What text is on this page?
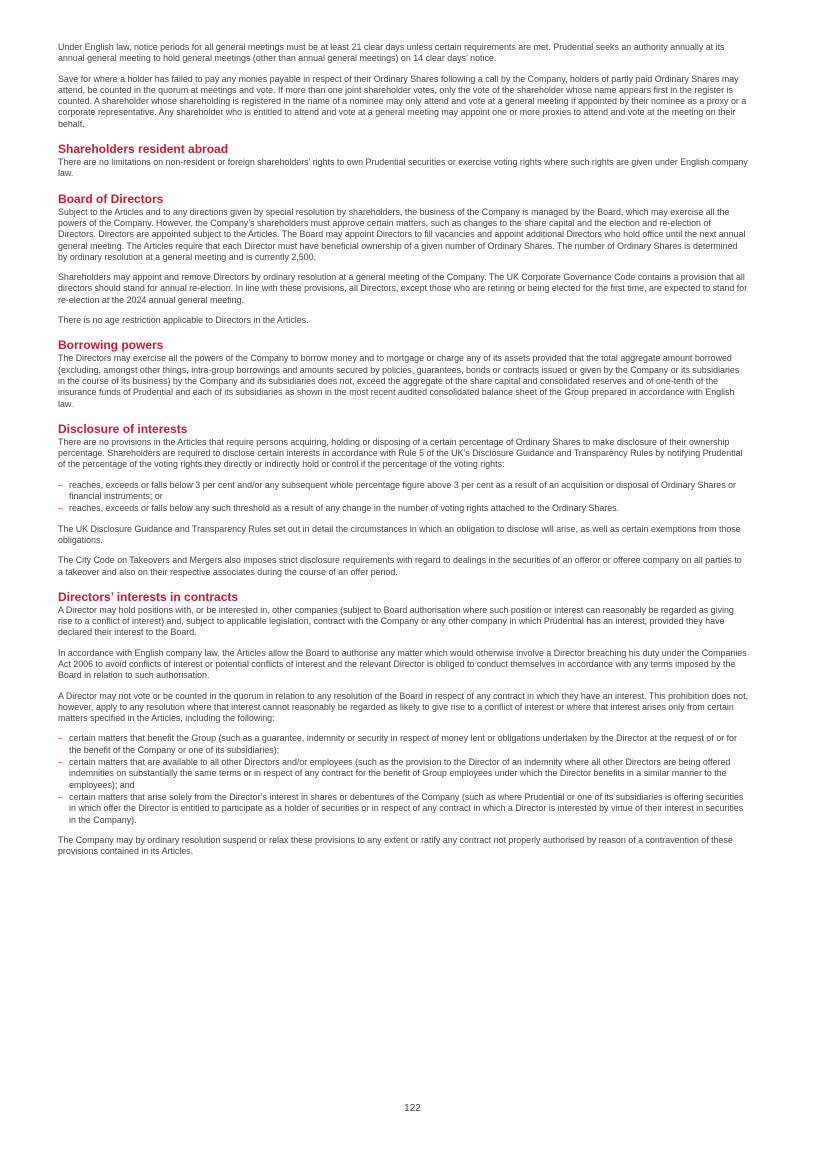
Under English law, notice periods for all general meetings must be at least 21 clear days unless certain requirements are met. Prudential seeks an authority annually at its annual general meeting to hold general meetings (other than annual general meetings) on 14 clear days’ notice.

Save for where a holder has failed to pay any monies payable in respect of their Ordinary Shares following a call by the Company, holders of partly paid Ordinary Shares may attend, be counted in the quorum at meetings and vote. If more than one joint shareholder votes, only the vote of the shareholder whose name appears first in the register is counted. A shareholder whose shareholding is registered in the name of a nominee may only attend and vote at a general meeting if appointed by their nominee as a proxy or a corporate representative. Any shareholder who is entitled to attend and vote at a general meeting may appoint one or more proxies to attend and vote at the meeting on their behalf.

Shareholders resident abroad

There are no limitations on non-resident or foreign shareholders’ rights to own Prudential securities or exercise voting rights where such rights are given under English company law.

Board of Directors

Subject to the Articles and to any directions given by special resolution by shareholders, the business of the Company is managed by the Board, which may exercise all the powers of the Company. However, the Company’s shareholders must approve certain matters, such as changes to the share capital and the election and re-election of Directors. Directors are appointed subject to the Articles. The Board may appoint Directors to fill vacancies and appoint additional Directors who hold office until the next annual general meeting. The Articles require that each Director must have beneficial ownership of a given number of Ordinary Shares. The number of Ordinary Shares is determined by ordinary resolution at a general meeting and is currently 2,500.

Shareholders may appoint and remove Directors by ordinary resolution at a general meeting of the Company. The UK Corporate Governance Code contains a provision that all directors should stand for annual re-election. In line with these provisions, all Directors, except those who are retiring or being elected for the first time, are expected to stand for re-election at the 2024 annual general meeting.

There is no age restriction applicable to Directors in the Articles.

Borrowing powers

The Directors may exercise all the powers of the Company to borrow money and to mortgage or charge any of its assets provided that the total aggregate amount borrowed (excluding, amongst other things, intra-group borrowings and amounts secured by policies, guarantees, bonds or contracts issued or given by the Company or its subsidiaries in the course of its business) by the Company and its subsidiaries does not, exceed the aggregate of the share capital and consolidated reserves and of one-tenth of the insurance funds of Prudential and each of its subsidiaries as shown in the most recent audited consolidated balance sheet of the Group prepared in accordance with English law.

Disclosure of interests

There are no provisions in the Articles that require persons acquiring, holding or disposing of a certain percentage of Ordinary Shares to make disclosure of their ownership percentage. Shareholders are required to disclose certain interests in accordance with Rule 5 of the UK’s Disclosure Guidance and Transparency Rules by notifying Prudential of the percentage of the voting rights they directly or indirectly hold or control if the percentage of the voting rights:

– reaches, exceeds or falls below 3 per cent and/or any subsequent whole percentage figure above 3 per cent as a result of an acquisition or disposal of Ordinary Shares or financial instruments; or
– reaches, exceeds or falls below any such threshold as a result of any change in the number of voting rights attached to the Ordinary Shares.

The UK Disclosure Guidance and Transparency Rules set out in detail the circumstances in which an obligation to disclose will arise, as well as certain exemptions from those obligations.

The City Code on Takeovers and Mergers also imposes strict disclosure requirements with regard to dealings in the securities of an offeror or offeree company on all parties to a takeover and also on their respective associates during the course of an offer period.

Directors’ interests in contracts

A Director may hold positions with, or be interested in, other companies (subject to Board authorisation where such position or interest can reasonably be regarded as giving rise to a conflict of interest) and, subject to applicable legislation, contract with the Company or any other company in which Prudential has an interest, provided they have declared their interest to the Board.

In accordance with English company law, the Articles allow the Board to authorise any matter which would otherwise involve a Director breaching his duty under the Companies Act 2006 to avoid conflicts of interest or potential conflicts of interest and the relevant Director is obliged to conduct themselves in accordance with any terms imposed by the Board in relation to such authorisation.

A Director may not vote or be counted in the quorum in relation to any resolution of the Board in respect of any contract in which they have an interest. This prohibition does not, however, apply to any resolution where that interest cannot reasonably be regarded as likely to give rise to a conflict of interest or where that interest arises only from certain matters specified in the Articles, including the following:

– certain matters that benefit the Group (such as a guarantee, indemnity or security in respect of money lent or obligations undertaken by the Director at the request of or for the benefit of the Company or one of its subsidiaries);
– certain matters that are available to all other Directors and/or employees (such as the provision to the Director of an indemnity where all other Directors are being offered indemnities on substantially the same terms or in respect of any contract for the benefit of Group employees under which the Director benefits in a similar manner to the employees); and
– certain matters that arise solely from the Director’s interest in shares or debentures of the Company (such as where Prudential or one of its subsidiaries is offering securities in which offer the Director is entitled to participate as a holder of securities or in respect of any contract in which a Director is interested by virtue of their interest in securities in the Company).

The Company may by ordinary resolution suspend or relax these provisions to any extent or ratify any contract not properly authorised by reason of a contravention of these provisions contained in its Articles.

122
